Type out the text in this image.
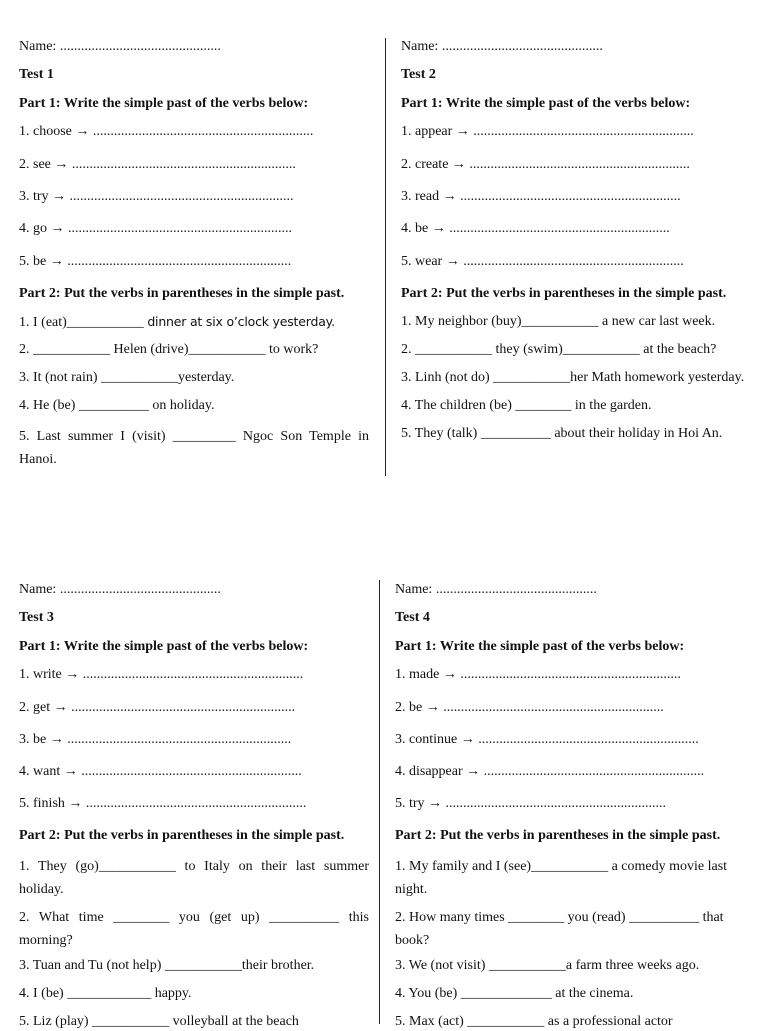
Name: ..............................................
Test 1
Part 1: Write the simple past of the verbs below:
1. choose → ...............................................................
2. see → ................................................................
3. try → ................................................................
4. go → ................................................................
5. be → ................................................................
Part 2: Put the verbs in parentheses in the simple past.
1. I (eat)___________ dinner at six o’clock yesterday.
2. ___________ Helen (drive)___________ to work?
3. It (not rain) ___________yesterday.
4. He (be) __________ on holiday.
5. Last summer I (visit) _________ Ngoc Son Temple in Hanoi.
Name: ..............................................
Test 2
Part 1: Write the simple past of the verbs below:
1. appear → ...............................................................
2. create → ...............................................................
3. read → ...............................................................
4. be → ...............................................................
5. wear → ...............................................................
Part 2: Put the verbs in parentheses in the simple past.
1. My neighbor (buy)___________ a new car last week.
2. ___________ they (swim)___________ at the beach?
3. Linh (not do) ___________her Math homework yesterday.
4. The children (be) ________ in the garden.
5. They (talk) __________ about their holiday in Hoi An.
Name: ..............................................
Test 3
Part 1: Write the simple past of the verbs below:
1. write → ...............................................................
2. get → ................................................................
3. be → ................................................................
4. want → ...............................................................
5. finish → ...............................................................
Part 2: Put the verbs in parentheses in the simple past.
1. They (go)___________ to Italy on their last summer holiday.
2. What time ________ you (get up) __________ this morning?
3. Tuan and Tu (not help) ___________their brother.
4. I (be) ____________ happy.
5. Liz (play) ___________ volleyball at the beach
Name: ..............................................
Test 4
Part 1: Write the simple past of the verbs below:
1. made → ...............................................................
2. be → ...............................................................
3. continue → ...............................................................
4. disappear → ...............................................................
5. try → ...............................................................
Part 2: Put the verbs in parentheses in the simple past.
1. My family and I (see)___________ a comedy movie last night.
2. How many times ________ you (read) __________ that book?
3. We (not visit) ___________a farm three weeks ago.
4. You (be) _____________ at the cinema.
5. Max (act) ___________ as a professional actor
